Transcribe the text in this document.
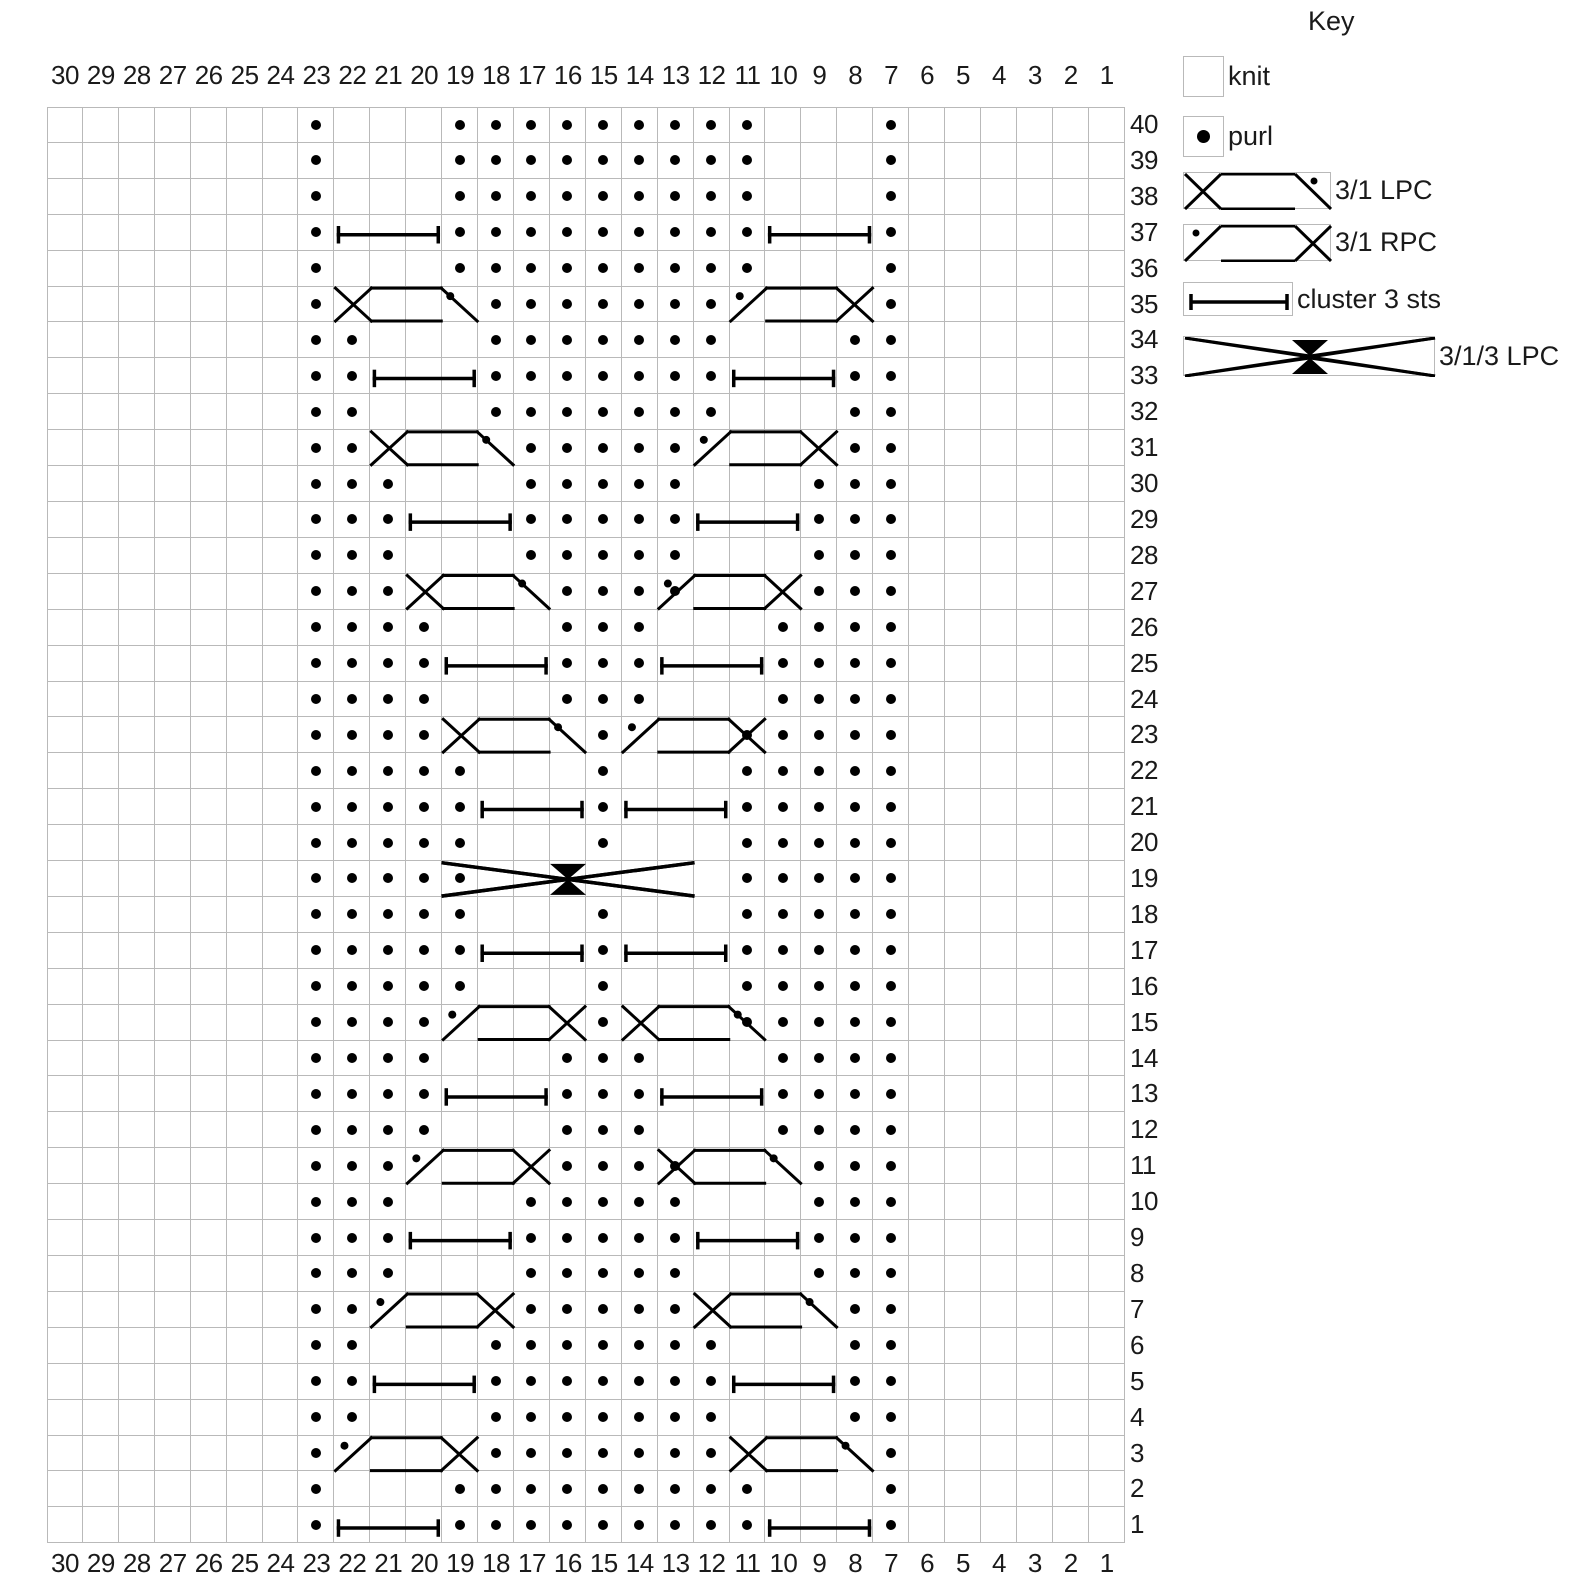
30 29 28 27 26 25 24 23 22 21 20 19 18 17 16 15 14 13 12 11 10 9 8 7 6 5 4 3 2 1
40
39
38
37
36
35
34
33
32
31
30
29
28
27
26
25
24
23
22
21
20
19
18
17
16
15
14
13
12
11
10
9
8
7
6
5
4
3
2
1
30 29 28 27 26 25 24 23 22 21 20 19 18 17 16 15 14 13 12 11 10 9 8 7 6 5 4 3 2 1
Key
knit
purl
3/1 LPC
3/1 RPC
cluster 3 sts
3/1/3 LPC
